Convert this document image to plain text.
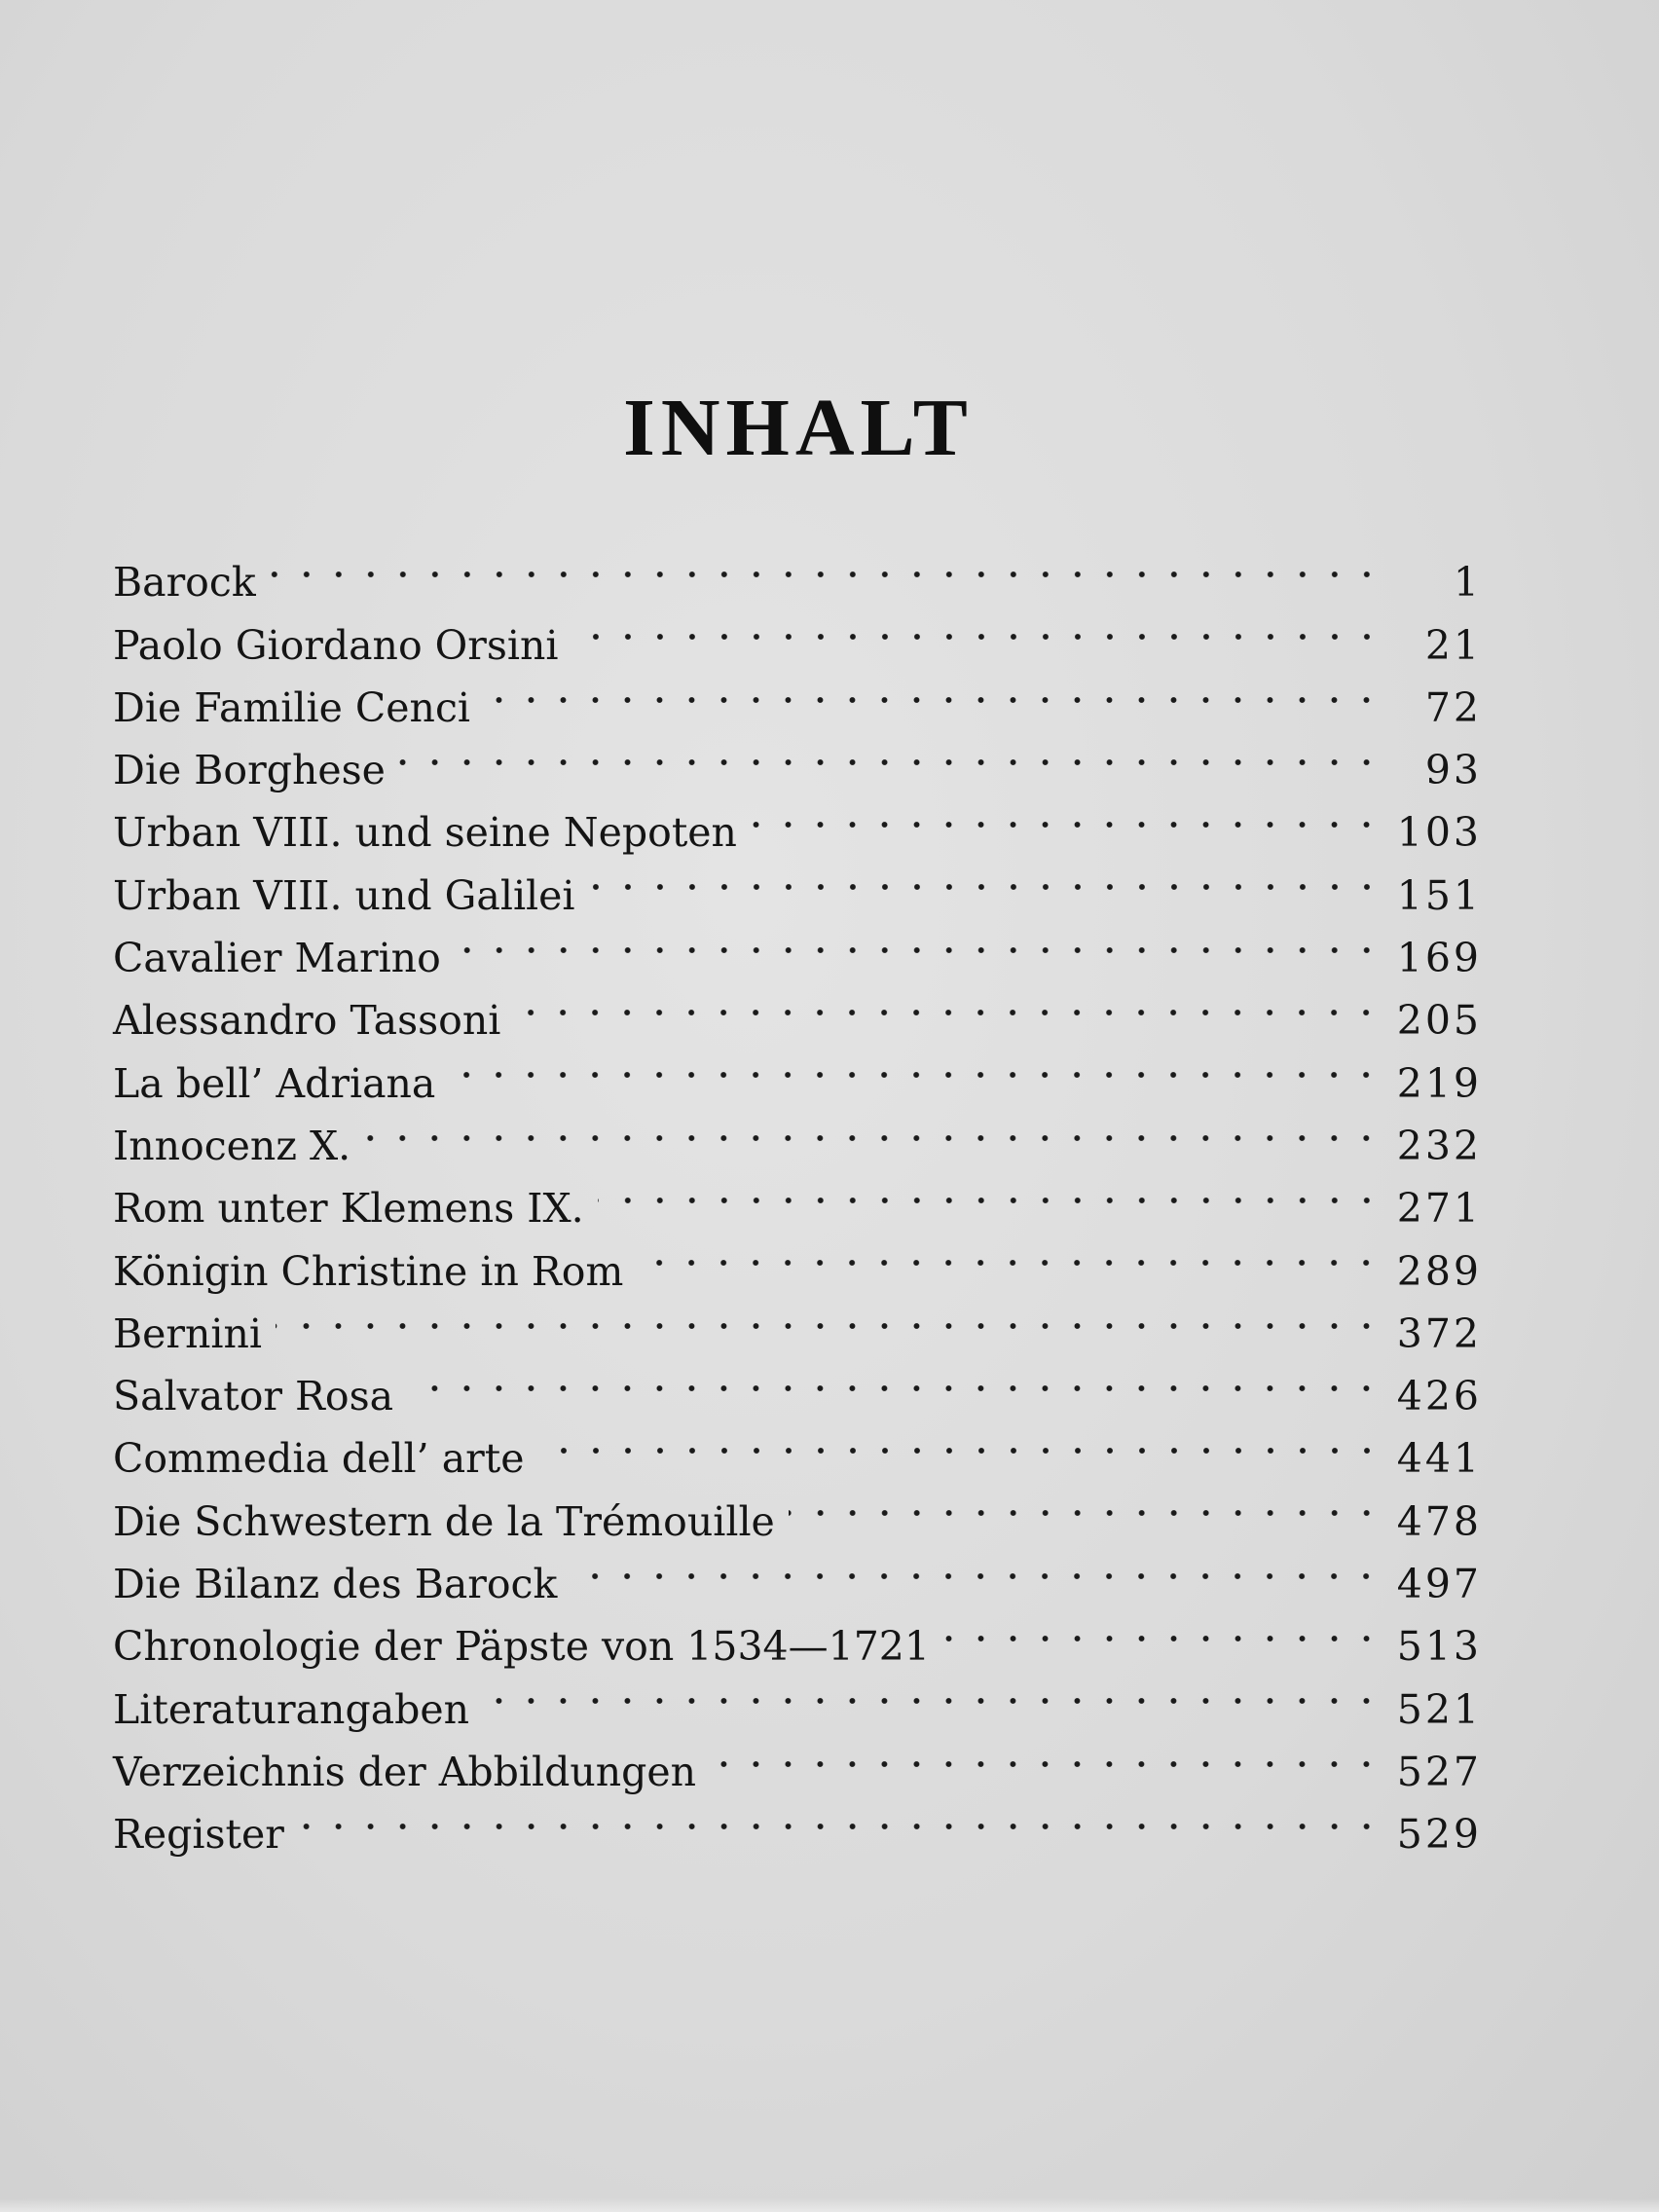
INHALT
Barock	1
Paolo Giordano Orsini	21
Die Familie Cenci	72
Die Borghese	93
Urban VIII. und seine Nepoten	103
Urban VIII. und Galilei	151
Cavalier Marino	169
Alessandro Tassoni	205
La bell’ Adriana	219
Innocenz X.	232
Rom unter Klemens IX.	271
Königin Christine in Rom	289
Bernini	372
Salvator Rosa	426
Commedia dell’ arte	441
Die Schwestern de la Trémouille	478
Die Bilanz des Barock	497
Chronologie der Päpste von 1534—1721	513
Literaturangaben	521
Verzeichnis der Abbildungen	527
Register	529
